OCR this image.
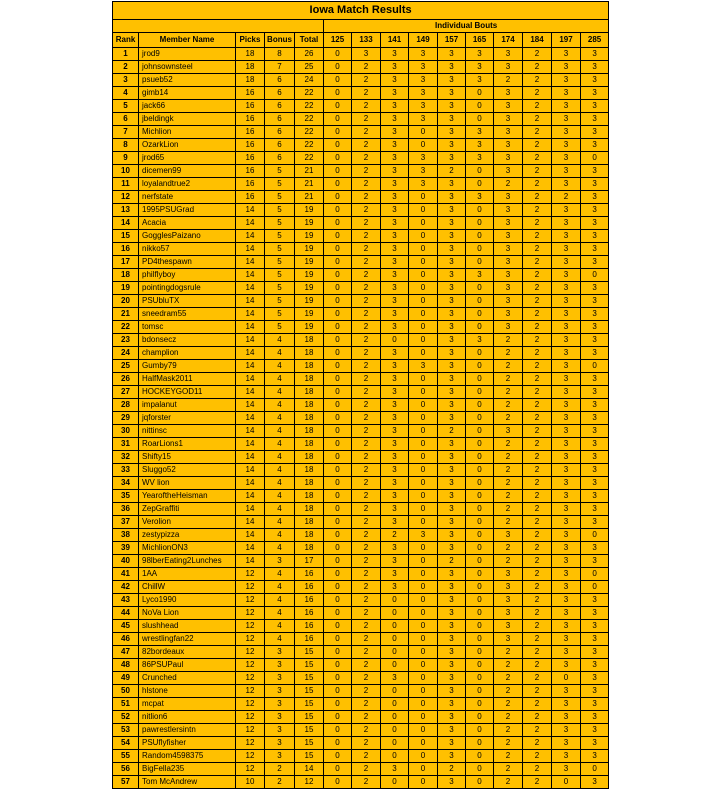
Iowa Match Results														
					Individual Bouts									
Rank	Member Name	Picks	Bonus	Total	125	133	141	149	157	165	174	184	197	285
1	jrod9	18	8	26	0	3	3	3	3	3	3	2	3	3
2	johnsownsteel	18	7	25	0	2	3	3	3	3	3	2	3	3
3	psueb52	18	6	24	0	2	3	3	3	3	2	2	3	3
4	gimb14	16	6	22	0	2	3	3	3	0	3	2	3	3
5	jack66	16	6	22	0	2	3	3	3	0	3	2	3	3
6	jbeldingk	16	6	22	0	2	3	3	3	0	3	2	3	3
7	Michlion	16	6	22	0	2	3	0	3	3	3	2	3	3
8	OzarkLion	16	6	22	0	2	3	0	3	3	3	2	3	3
9	jrod65	16	6	22	0	2	3	3	3	3	3	2	3	0
10	dicemen99	16	5	21	0	2	3	3	2	0	3	2	3	3
11	loyalandtrue2	16	5	21	0	2	3	3	3	0	2	2	3	3
12	nerfstate	16	5	21	0	2	3	0	3	3	3	2	2	3
13	1995PSUGrad	14	5	19	0	2	3	0	3	0	3	2	3	3
14	Acacia	14	5	19	0	2	3	0	3	0	3	2	3	3
15	GogglesPaizano	14	5	19	0	2	3	0	3	0	3	2	3	3
16	nikko57	14	5	19	0	2	3	0	3	0	3	2	3	3
17	PD4thespawn	14	5	19	0	2	3	0	3	0	3	2	3	3
18	philflyboy	14	5	19	0	2	3	0	3	3	3	2	3	0
19	pointingdogsrule	14	5	19	0	2	3	0	3	0	3	2	3	3
20	PSUbluTX	14	5	19	0	2	3	0	3	0	3	2	3	3
21	sneedram55	14	5	19	0	2	3	0	3	0	3	2	3	3
22	tomsc	14	5	19	0	2	3	0	3	0	3	2	3	3
23	bdonsecz	14	4	18	0	2	0	0	3	3	2	2	3	3
24	champlion	14	4	18	0	2	3	0	3	0	2	2	3	3
25	Gumby79	14	4	18	0	2	3	3	3	0	2	2	3	0
26	HalfMask2011	14	4	18	0	2	3	0	3	0	2	2	3	3
27	HOCKEYGOD11	14	4	18	0	2	3	0	3	0	2	2	3	3
28	impalanut	14	4	18	0	2	3	0	3	0	2	2	3	3
29	jqforster	14	4	18	0	2	3	0	3	0	2	2	3	3
30	nittinsc	14	4	18	0	2	3	0	2	0	3	2	3	3
31	RoarLions1	14	4	18	0	2	3	0	3	0	2	2	3	3
32	Shifty15	14	4	18	0	2	3	0	3	0	2	2	3	3
33	Sluggo52	14	4	18	0	2	3	0	3	0	2	2	3	3
34	WV lion	14	4	18	0	2	3	0	3	0	2	2	3	3
35	YearoftheHeisman	14	4	18	0	2	3	0	3	0	2	2	3	3
36	ZepGraffiti	14	4	18	0	2	3	0	3	0	2	2	3	3
37	Verolion	14	4	18	0	2	3	0	3	0	2	2	3	3
38	zestypizza	14	4	18	0	2	2	3	3	0	3	2	3	0
39	MichlionON3	14	4	18	0	2	3	0	3	0	2	2	3	3
40	98lberEating2Lunches	14	3	17	0	2	3	0	2	0	2	2	3	3
41	1AA	12	4	16	0	2	3	0	3	0	3	2	3	0
42	ChillW	12	4	16	0	2	3	0	3	0	3	2	3	0
43	Lyco1990	12	4	16	0	2	0	0	3	0	3	2	3	3
44	NoVa Lion	12	4	16	0	2	0	0	3	0	3	2	3	3
45	slushhead	12	4	16	0	2	0	0	3	0	3	2	3	3
46	wrestlingfan22	12	4	16	0	2	0	0	3	0	3	2	3	3
47	82bordeaux	12	3	15	0	2	0	0	3	0	2	2	3	3
48	86PSUPaul	12	3	15	0	2	0	0	3	0	2	2	3	3
49	Crunched	12	3	15	0	2	3	0	3	0	2	2	0	3
50	hlstone	12	3	15	0	2	0	0	3	0	2	2	3	3
51	mcpat	12	3	15	0	2	0	0	3	0	2	2	3	3
52	nitlion6	12	3	15	0	2	0	0	3	0	2	2	3	3
53	pawrestlersintn	12	3	15	0	2	0	0	3	0	2	2	3	3
54	PSUflyfisher	12	3	15	0	2	0	0	3	0	2	2	3	3
55	Random4598375	12	3	15	0	2	0	0	3	0	2	2	3	3
56	BigFella235	12	2	14	0	2	3	0	2	0	2	2	3	0
57	Tom McAndrew	10	2	12	0	2	0	0	3	0	2	2	0	3
